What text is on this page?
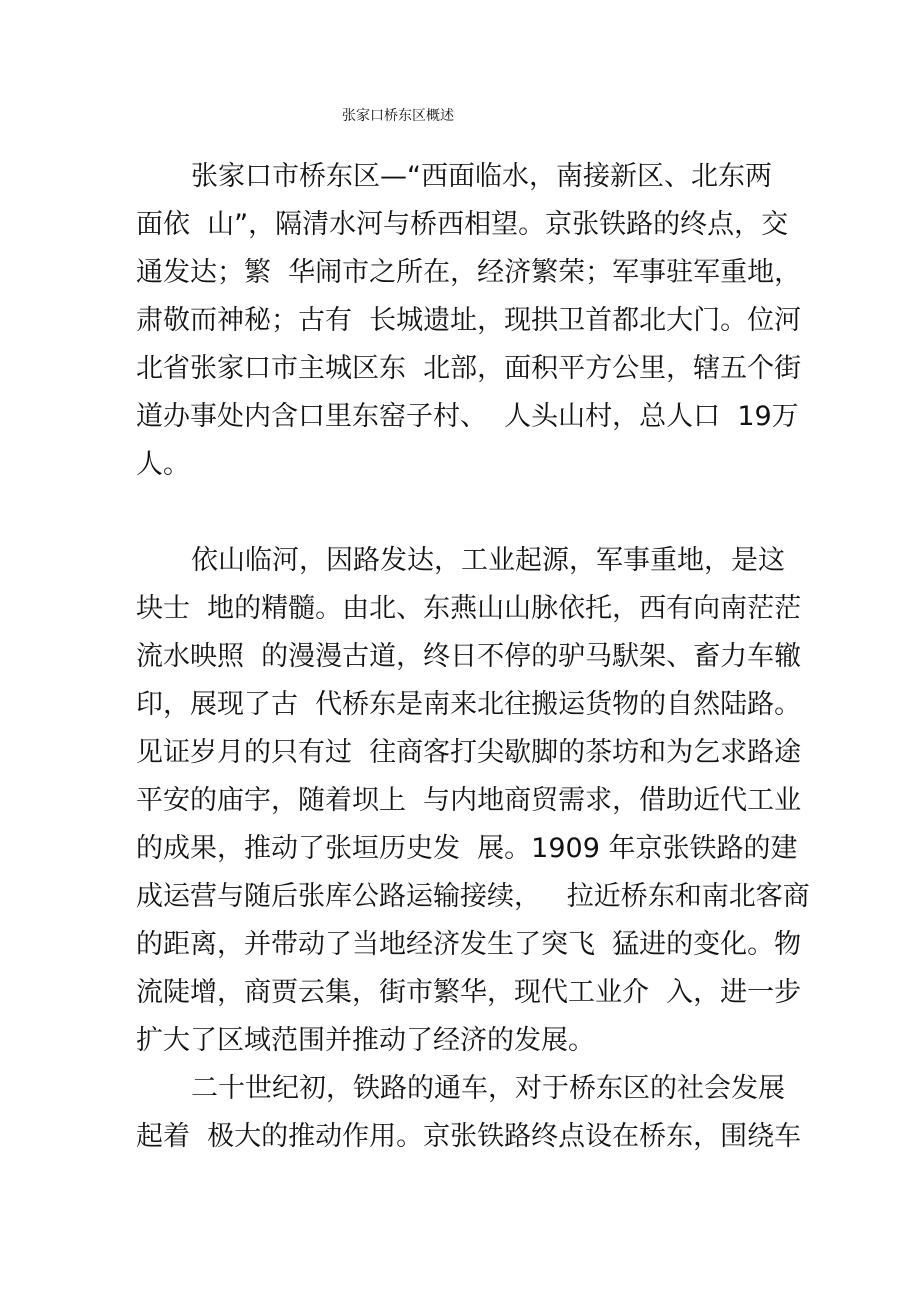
张家口桥东区概述
张家口市桥东区—“西面临水，南接新区、北东两
面依  山”，隔清水河与桥西相望。京张铁路的终点，交
通发达；繁  华闹市之所在，经济繁荣；军事驻军重地，
肃敬而神秘；古有  长城遗址，现拱卫首都北大门。位河
北省张家口市主城区东  北部，面积平方公里，辖五个街
道办事处内含口里东窑子村、  人头山村，总人口  19万
人。
依山临河，因路发达，工业起源，军事重地，是这
块士  地的精髓。由北、东燕山山脉依托，西有向南茫茫
流水映照  的漫漫古道，终日不停的驴马䭾架、畜力车辙
印，展现了古  代桥东是南来北往搬运货物的自然陆路。
见证岁月的只有过  往商客打尖歇脚的茶坊和为乞求路途
平安的庙宇，随着坝上  与内地商贸需求，借助近代工业
的成果，推动了张垣历史发  展。1909 年京张铁路的建
成运营与随后张库公路运输接续，   拉近桥东和南北客商
的距离，并带动了当地经济发生了突飞  猛进的变化。物
流陡增，商贾云集，街市繁华，现代工业介  入，进一步
扩大了区域范围并推动了经济的发展。
二十世纪初，铁路的通车，对于桥东区的社会发展
起着  极大的推动作用。京张铁路终点设在桥东，围绕车
